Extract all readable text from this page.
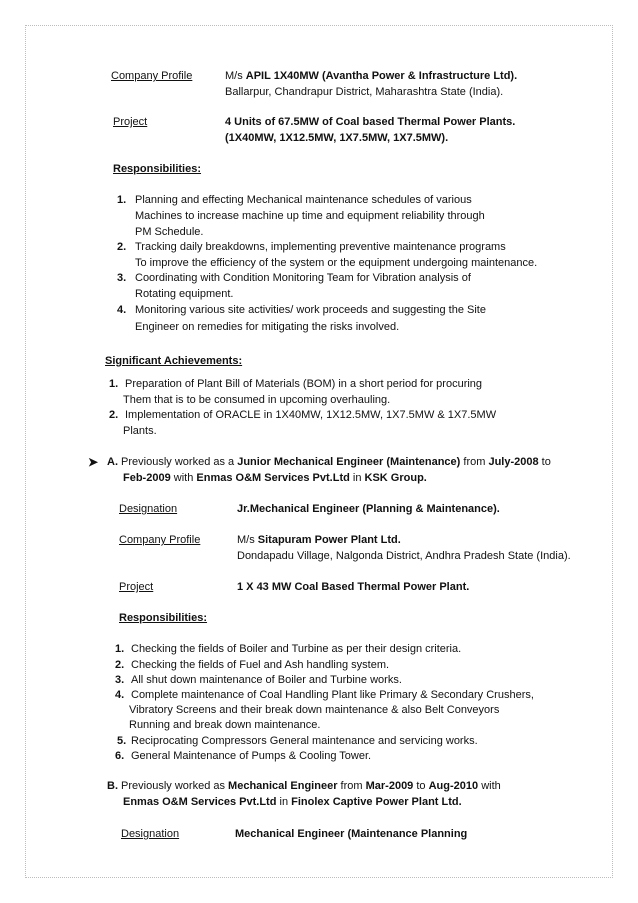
Company Profile	M/s APIL 1X40MW (Avantha Power & Infrastructure Ltd).
Ballarpur, Chandrapur District, Maharashtra State (India).
Project	4 Units of 67.5MW of Coal based Thermal Power Plants.
(1X40MW, 1X12.5MW, 1X7.5MW, 1X7.5MW).
Responsibilities:
1. Planning and effecting Mechanical maintenance schedules of various
Machines to increase machine up time and equipment reliability through
PM Schedule.
2. Tracking daily breakdowns, implementing preventive maintenance programs
To improve the efficiency of the system or the equipment undergoing maintenance.
3. Coordinating with Condition Monitoring Team for Vibration analysis of
Rotating equipment.
4. Monitoring various site activities/ work proceeds and suggesting the Site
Engineer on remedies for mitigating the risks involved.
Significant Achievements:
1. Preparation of Plant Bill of Materials (BOM) in a short period for procuring
Them that is to be consumed in upcoming overhauling.
2. Implementation of ORACLE in 1X40MW, 1X12.5MW, 1X7.5MW & 1X7.5MW
Plants.
➤ A. Previously worked as a Junior Mechanical Engineer (Maintenance) from July-2008 to
Feb-2009 with Enmas O&M Services Pvt.Ltd in KSK Group.
Designation	Jr.Mechanical Engineer (Planning & Maintenance).
Company Profile	M/s Sitapuram Power Plant Ltd.
Dondapadu Village, Nalgonda District, Andhra Pradesh State (India).
Project	1 X 43 MW Coal Based Thermal Power Plant.
Responsibilities:
1. Checking the fields of Boiler and Turbine as per their design criteria.
2. Checking the fields of Fuel and Ash handling system.
3. All shut down maintenance of Boiler and Turbine works.
4. Complete maintenance of Coal Handling Plant like Primary & Secondary Crushers,
Vibratory Screens and their break down maintenance & also Belt Conveyors
Running and break down maintenance.
5. Reciprocating Compressors General maintenance and servicing works.
6. General Maintenance of Pumps & Cooling Tower.
B. Previously worked as Mechanical Engineer from Mar-2009 to Aug-2010 with
Enmas O&M Services Pvt.Ltd in Finolex Captive Power Plant Ltd.
Designation	Mechanical Engineer (Maintenance Planning
